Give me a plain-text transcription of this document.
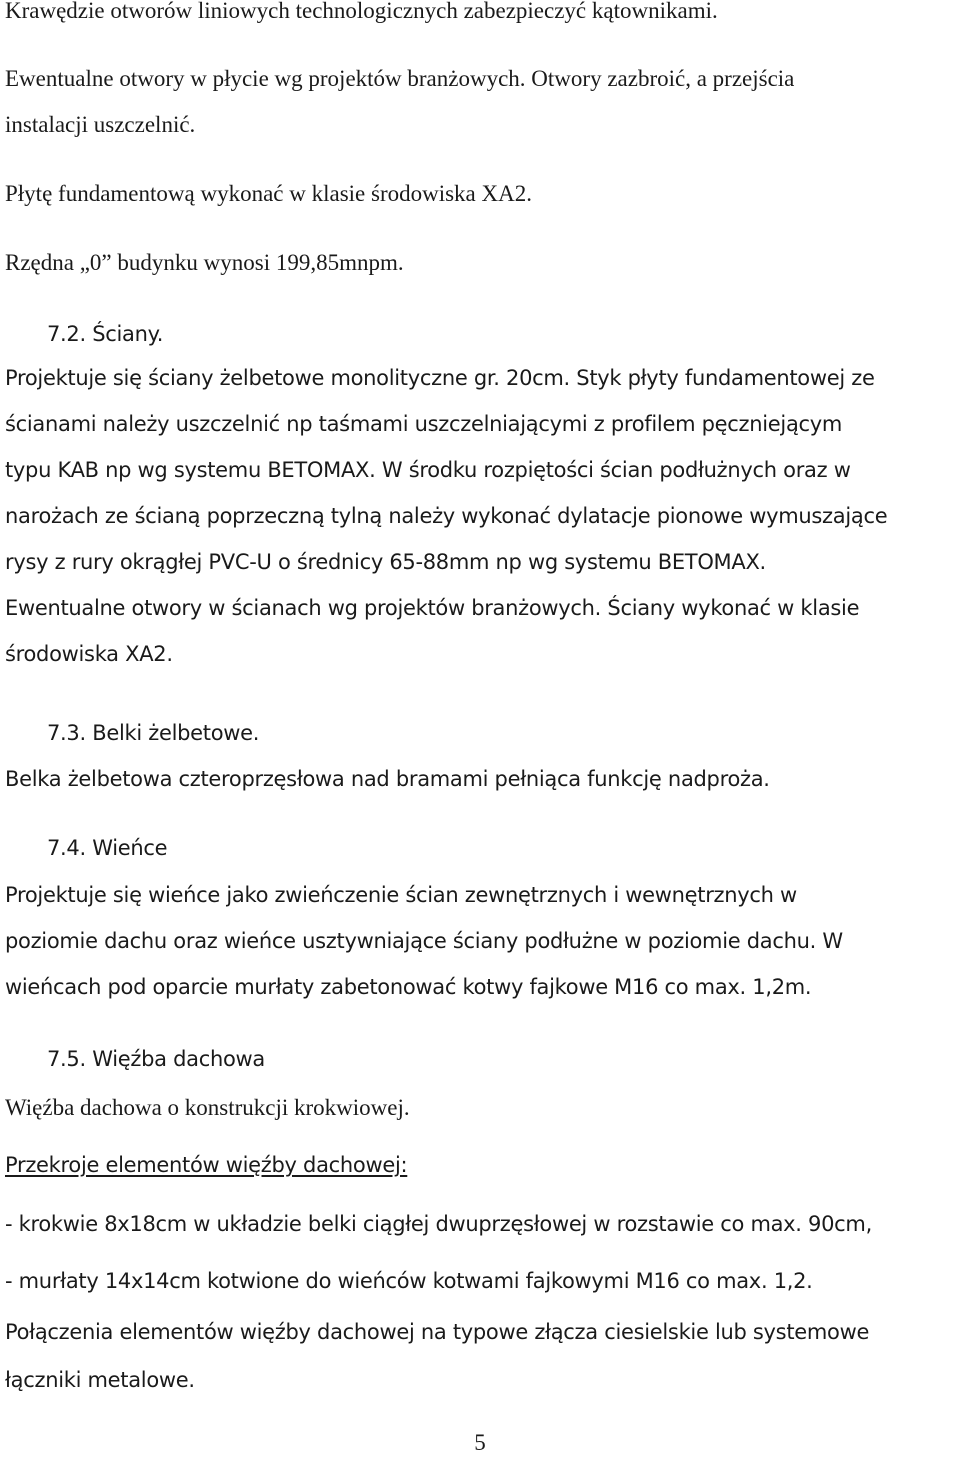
Krawędzie otworów liniowych technologicznych zabezpieczyć kątownikami.

Ewentualne otwory w płycie wg projektów branżowych. Otwory zazbroić, a przejścia
instalacji uszczelnić.

Płytę fundamentową wykonać w klasie środowiska XA2.

Rzędna „0” budynku wynosi 199,85mnpm.

7.2. Ściany.
Projektuje się ściany żelbetowe monolityczne gr. 20cm. Styk płyty fundamentowej ze
ścianami należy uszczelnić np taśmami uszczelniającymi z profilem pęczniejącym
typu KAB np wg systemu BETOMAX. W środku rozpiętości ścian podłużnych oraz w
narożach ze ścianą poprzeczną tylną należy wykonać dylatacje pionowe wymuszające
rysy z rury okrągłej PVC-U o średnicy 65-88mm np wg systemu BETOMAX.
Ewentualne otwory w ścianach wg projektów branżowych. Ściany wykonać w klasie
środowiska XA2.
7.3. Belki żelbetowe.
Belka żelbetowa czteroprzęsłowa nad bramami pełniąca funkcję nadproża.
7.4. Wieńce
Projektuje się wieńce jako zwieńczenie ścian zewnętrznych i wewnętrznych w
poziomie dachu oraz wieńce usztywniające ściany podłużne w poziomie dachu. W
wieńcach pod oparcie murłaty zabetonować kotwy fajkowe M16 co max. 1,2m.
7.5. Więźba dachowa
Więźba dachowa o konstrukcji krokwiowej.
Przekroje elementów więźby dachowej:
- krokwie 8x18cm w układzie belki ciągłej dwuprzęsłowej w rozstawie co max. 90cm,
- murłaty 14x14cm kotwione do wieńców kotwami fajkowymi M16 co max. 1,2.
Połączenia elementów więźby dachowej na typowe złącza ciesielskie lub systemowe
łączniki metalowe.
5
